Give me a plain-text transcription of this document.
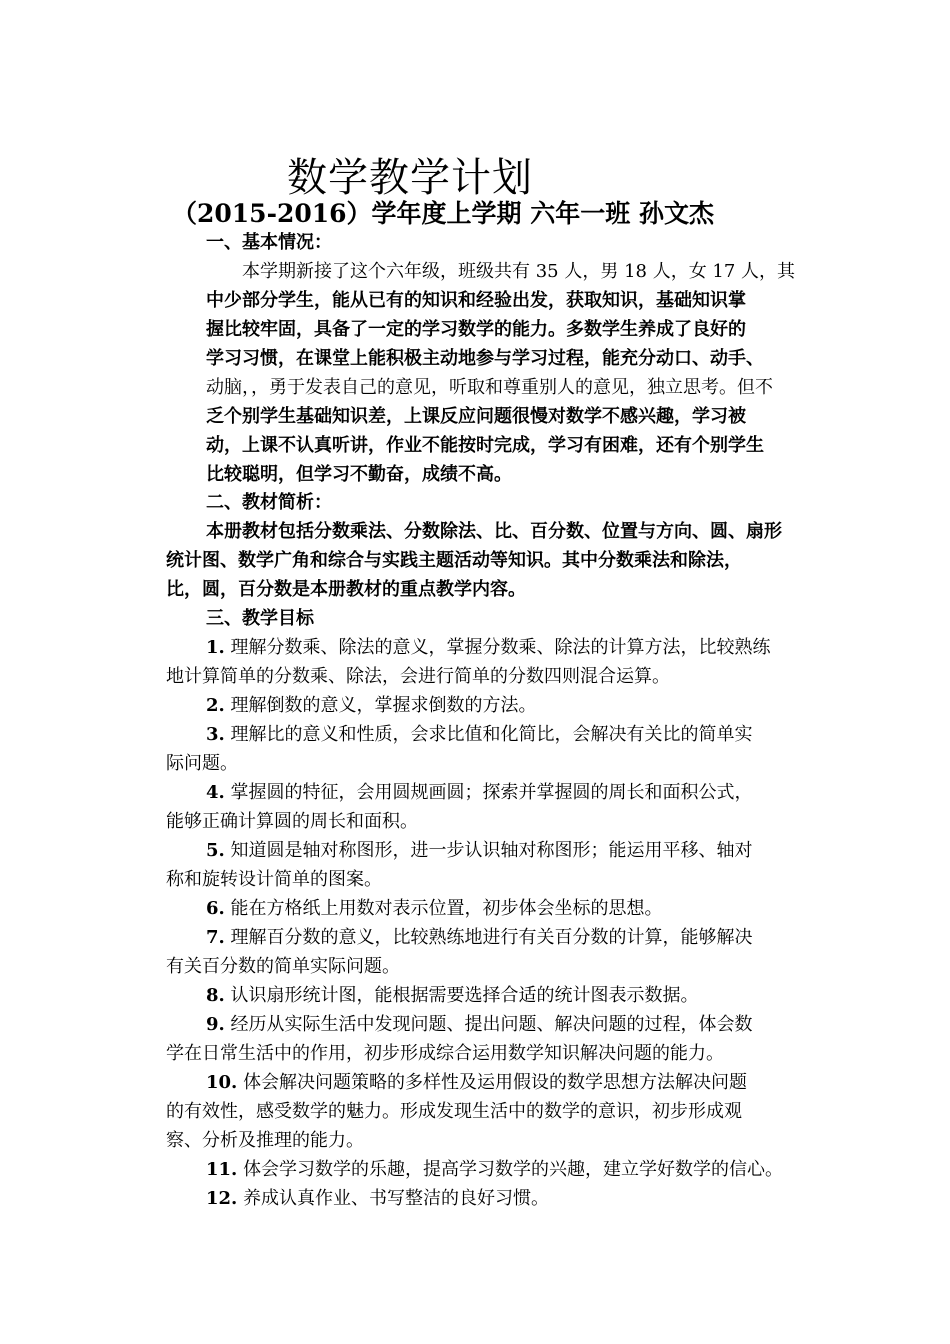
数学教学计划
（2015-2016）学年度上学期 六年一班 孙文杰
一、基本情况：
本学期新接了这个六年级，班级共有 35 人，男 18 人，女 17 人，其
中少部分学生，能从已有的知识和经验出发，获取知识，基础知识掌
握比较牢固，具备了一定的学习数学的能力。多数学生养成了良好的
学习习惯，在课堂上能积极主动地参与学习过程，能充分动口、动手、
动脑，，勇于发表自己的意见，听取和尊重别人的意见，独立思考。但不
乏个别学生基础知识差，上课反应问题很慢对数学不感兴趣，学习被
动，上课不认真听讲，作业不能按时完成，学习有困难，还有个别学生
比较聪明，但学习不勤奋，成绩不高。
二、教材简析：
本册教材包括分数乘法、分数除法、比、百分数、位置与方向、圆、扇形
统计图、数学广角和综合与实践主题活动等知识。其中分数乘法和除法，
比，圆，百分数是本册教材的重点教学内容。
三、教学目标
1. 理解分数乘、除法的意义，掌握分数乘、除法的计算方法，比较熟练
地计算简单的分数乘、除法，会进行简单的分数四则混合运算。
2. 理解倒数的意义，掌握求倒数的方法。
3. 理解比的意义和性质，会求比值和化简比，会解决有关比的简单实
际问题。
4. 掌握圆的特征，会用圆规画圆；探索并掌握圆的周长和面积公式，
能够正确计算圆的周长和面积。
5. 知道圆是轴对称图形，进一步认识轴对称图形；能运用平移、轴对
称和旋转设计简单的图案。
6. 能在方格纸上用数对表示位置，初步体会坐标的思想。
7. 理解百分数的意义，比较熟练地进行有关百分数的计算，能够解决
有关百分数的简单实际问题。
8. 认识扇形统计图，能根据需要选择合适的统计图表示数据。
9. 经历从实际生活中发现问题、提出问题、解决问题的过程，体会数
学在日常生活中的作用，初步形成综合运用数学知识解决问题的能力。
10. 体会解决问题策略的多样性及运用假设的数学思想方法解决问题
的有效性，感受数学的魅力。形成发现生活中的数学的意识，初步形成观
察、分析及推理的能力。
11. 体会学习数学的乐趣，提高学习数学的兴趣，建立学好数学的信心。
12. 养成认真作业、书写整洁的良好习惯。
